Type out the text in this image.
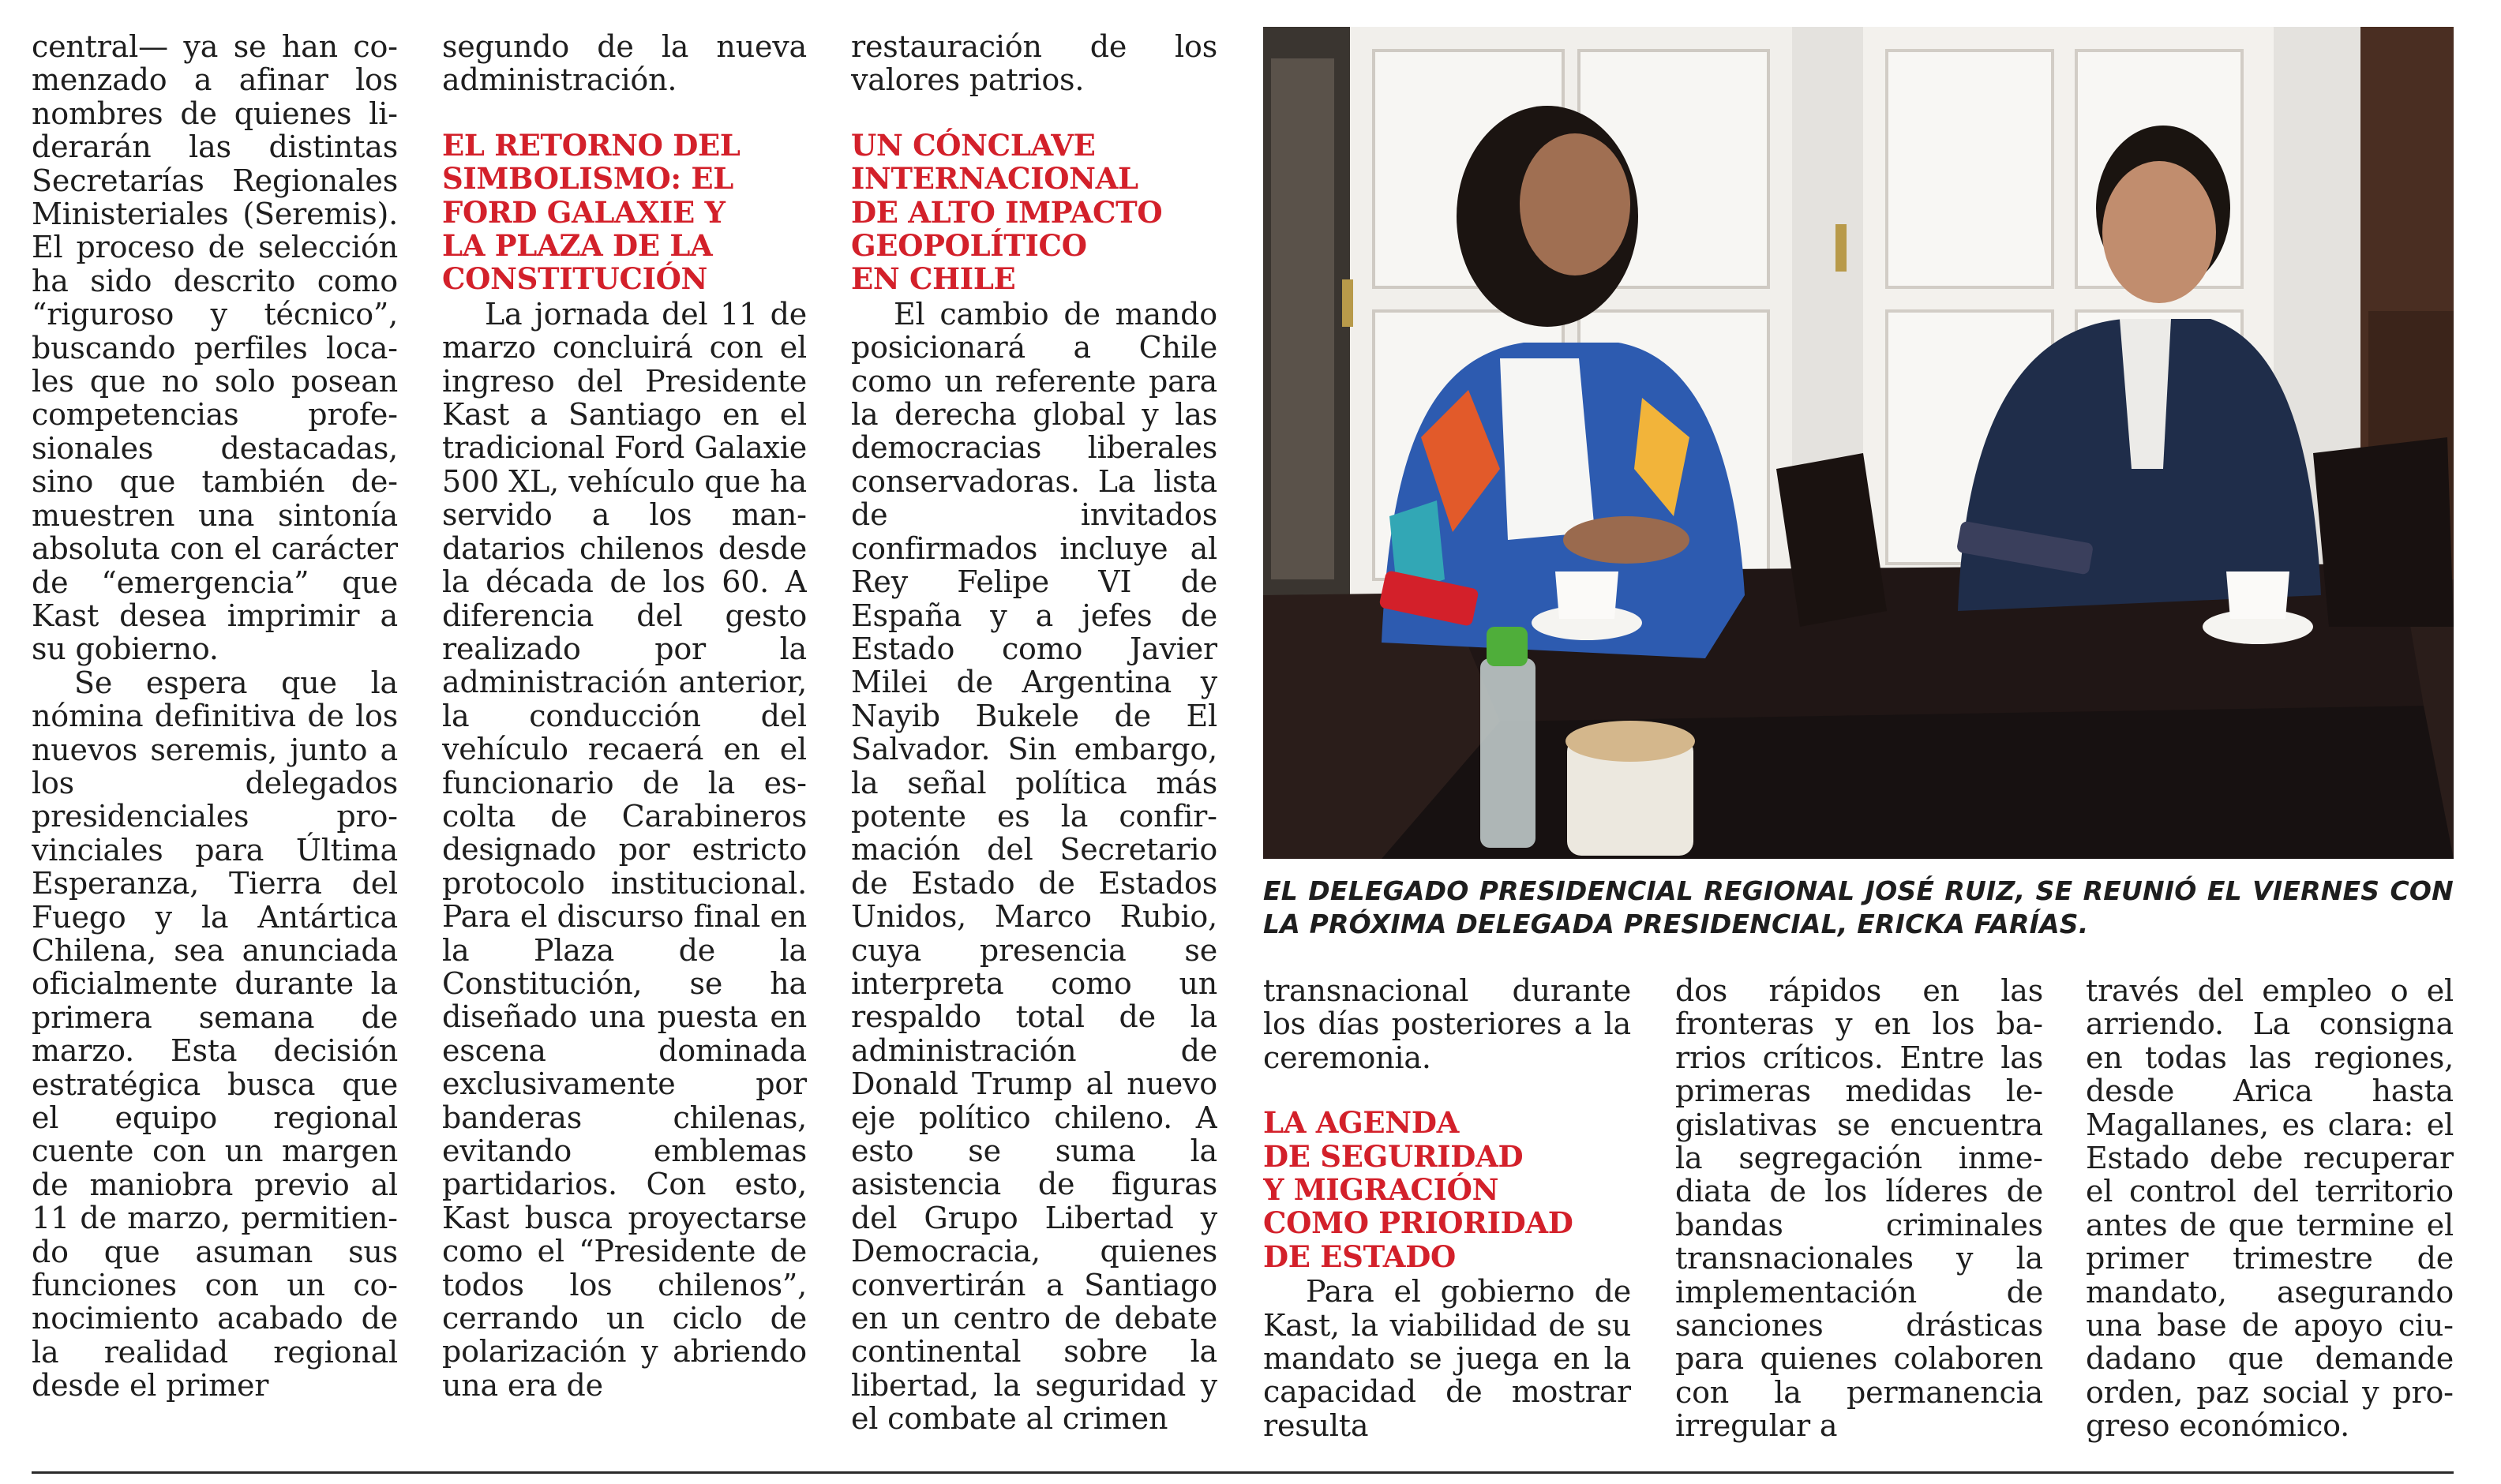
central— ya se han comenzado a afinar los nombres de quienes liderarán las distintas Secretarías Regionales Ministeriales (Seremis). El proceso de selección ha sido descrito como “riguroso y técnico”, buscando perfiles locales que no solo posean competencias profesionales destacadas, sino que también demuestren una sintonía absoluta con el carácter de “emergencia” que Kast desea imprimir a su gobierno.

Se espera que la nómina definitiva de los nuevos seremis, junto a los delegados presidenciales provinciales para Última Esperanza, Tierra del Fuego y la Antártica Chilena, sea anunciada oficialmente durante la primera semana de marzo. Esta decisión estratégica busca que el equipo regional cuente con un margen de maniobra previo al 11 de marzo, permitiendo que asuman sus funciones con un conocimiento acabado de la realidad regional desde el primer

segundo de la nueva administración.

EL RETORNO DEL
SIMBOLISMO: EL
FORD GALAXIE Y
LA PLAZA DE LA
CONSTITUCIÓN

La jornada del 11 de marzo concluirá con el ingreso del Presidente Kast a Santiago en el tradicional Ford Galaxie 500 XL, vehículo que ha servido a los mandatarios chilenos desde la década de los 60. A diferencia del gesto realizado por la administración anterior, la conducción del vehículo recaerá en el funcionario de la escolta de Carabineros designado por estricto protocolo institucional. Para el discurso final en la Plaza de la Constitución, se ha diseñado una puesta en escena dominada exclusivamente por banderas chilenas, evitando emblemas partidarios. Con esto, Kast busca proyectarse como el “Presidente de todos los chilenos”, cerrando un ciclo de polarización y abriendo una era de

restauración de los valores patrios.

UN CÓNCLAVE
INTERNACIONAL
DE ALTO IMPACTO
GEOPOLÍTICO
EN CHILE

El cambio de mando posicionará a Chile como un referente para la derecha global y las democracias liberales conservadoras. La lista de invitados confirmados incluye al Rey Felipe VI de España y a jefes de Estado como Javier Milei de Argentina y Nayib Bukele de El Salvador. Sin embargo, la señal política más potente es la confirmación del Secretario de Estado de Estados Unidos, Marco Rubio, cuya presencia se interpreta como un respaldo total de la administración de Donald Trump al nuevo eje político chileno. A esto se suma la asistencia de figuras del Grupo Libertad y Democracia, quienes convertirán a Santiago en un centro de debate continental sobre la libertad, la seguridad y el combate al crimen

EL DELEGADO PRESIDENCIAL REGIONAL JOSÉ RUIZ, SE REUNIÓ EL VIERNES CON LA PRÓXIMA DELEGADA PRESIDENCIAL, ERICKA FARÍAS.

transnacional durante los días posteriores a la ceremonia.

LA AGENDA
DE SEGURIDAD
Y MIGRACIÓN
COMO PRIORIDAD
DE ESTADO

Para el gobierno de Kast, la viabilidad de su mandato se juega en la capacidad de mostrar resulta

dos rápidos en las fronteras y en los barrios críticos. Entre las primeras medidas legislativas se encuentra la segregación inmediata de los líderes de bandas criminales transnacionales y la implementación de sanciones drásticas para quienes colaboren con la permanencia irregular a

través del empleo o el arriendo. La consigna en todas las regiones, desde Arica hasta Magallanes, es clara: el Estado debe recuperar el control del territorio antes de que termine el primer trimestre de mandato, asegurando una base de apoyo ciudadano que demande orden, paz social y progreso económico.
